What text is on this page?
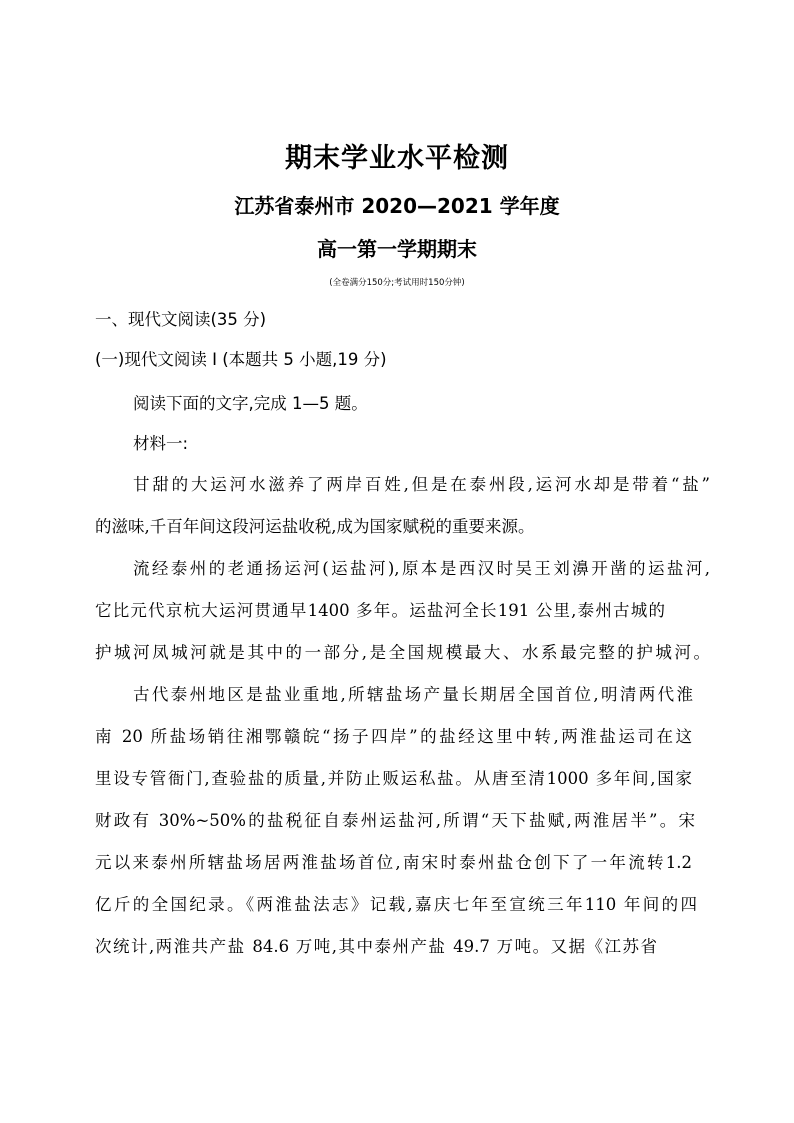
期末学业水平检测
江苏省泰州市 2020—2021 学年度
高一第一学期期末
(全卷满分150分;考试用时150分钟)
一、现代文阅读(35 分)
(一)现代文阅读 Ⅰ (本题共 5 小题,19 分)
阅读下面的文字,完成 1—5 题。
材料一:
甘甜的大运河水滋养了两岸百姓,但是在泰州段,运河水却是带着“盐”
的滋味,千百年间这段河运盐收税,成为国家赋税的重要来源。
流经泰州的老通扬运河(运盐河),原本是西汉时吴王刘濞开凿的运盐河,
它比元代京杭大运河贯通早1400 多年。运盐河全长191 公里,泰州古城的
护城河凤城河就是其中的一部分,是全国规模最大、水系最完整的护城河。
古代泰州地区是盐业重地,所辖盐场产量长期居全国首位,明清两代淮
南 20 所盐场销往湘鄂赣皖“扬子四岸”的盐经这里中转,两淮盐运司在这
里设专管衙门,查验盐的质量,并防止贩运私盐。从唐至清1000 多年间,国家
财政有 30%~50%的盐税征自泰州运盐河,所谓“天下盐赋,两淮居半”。宋
元以来泰州所辖盐场居两淮盐场首位,南宋时泰州盐仓创下了一年流转1.2
亿斤的全国纪录。《两淮盐法志》记载,嘉庆七年至宣统三年110 年间的四
次统计,两淮共产盐 84.6 万吨,其中泰州产盐 49.7 万吨。又据《江苏省
